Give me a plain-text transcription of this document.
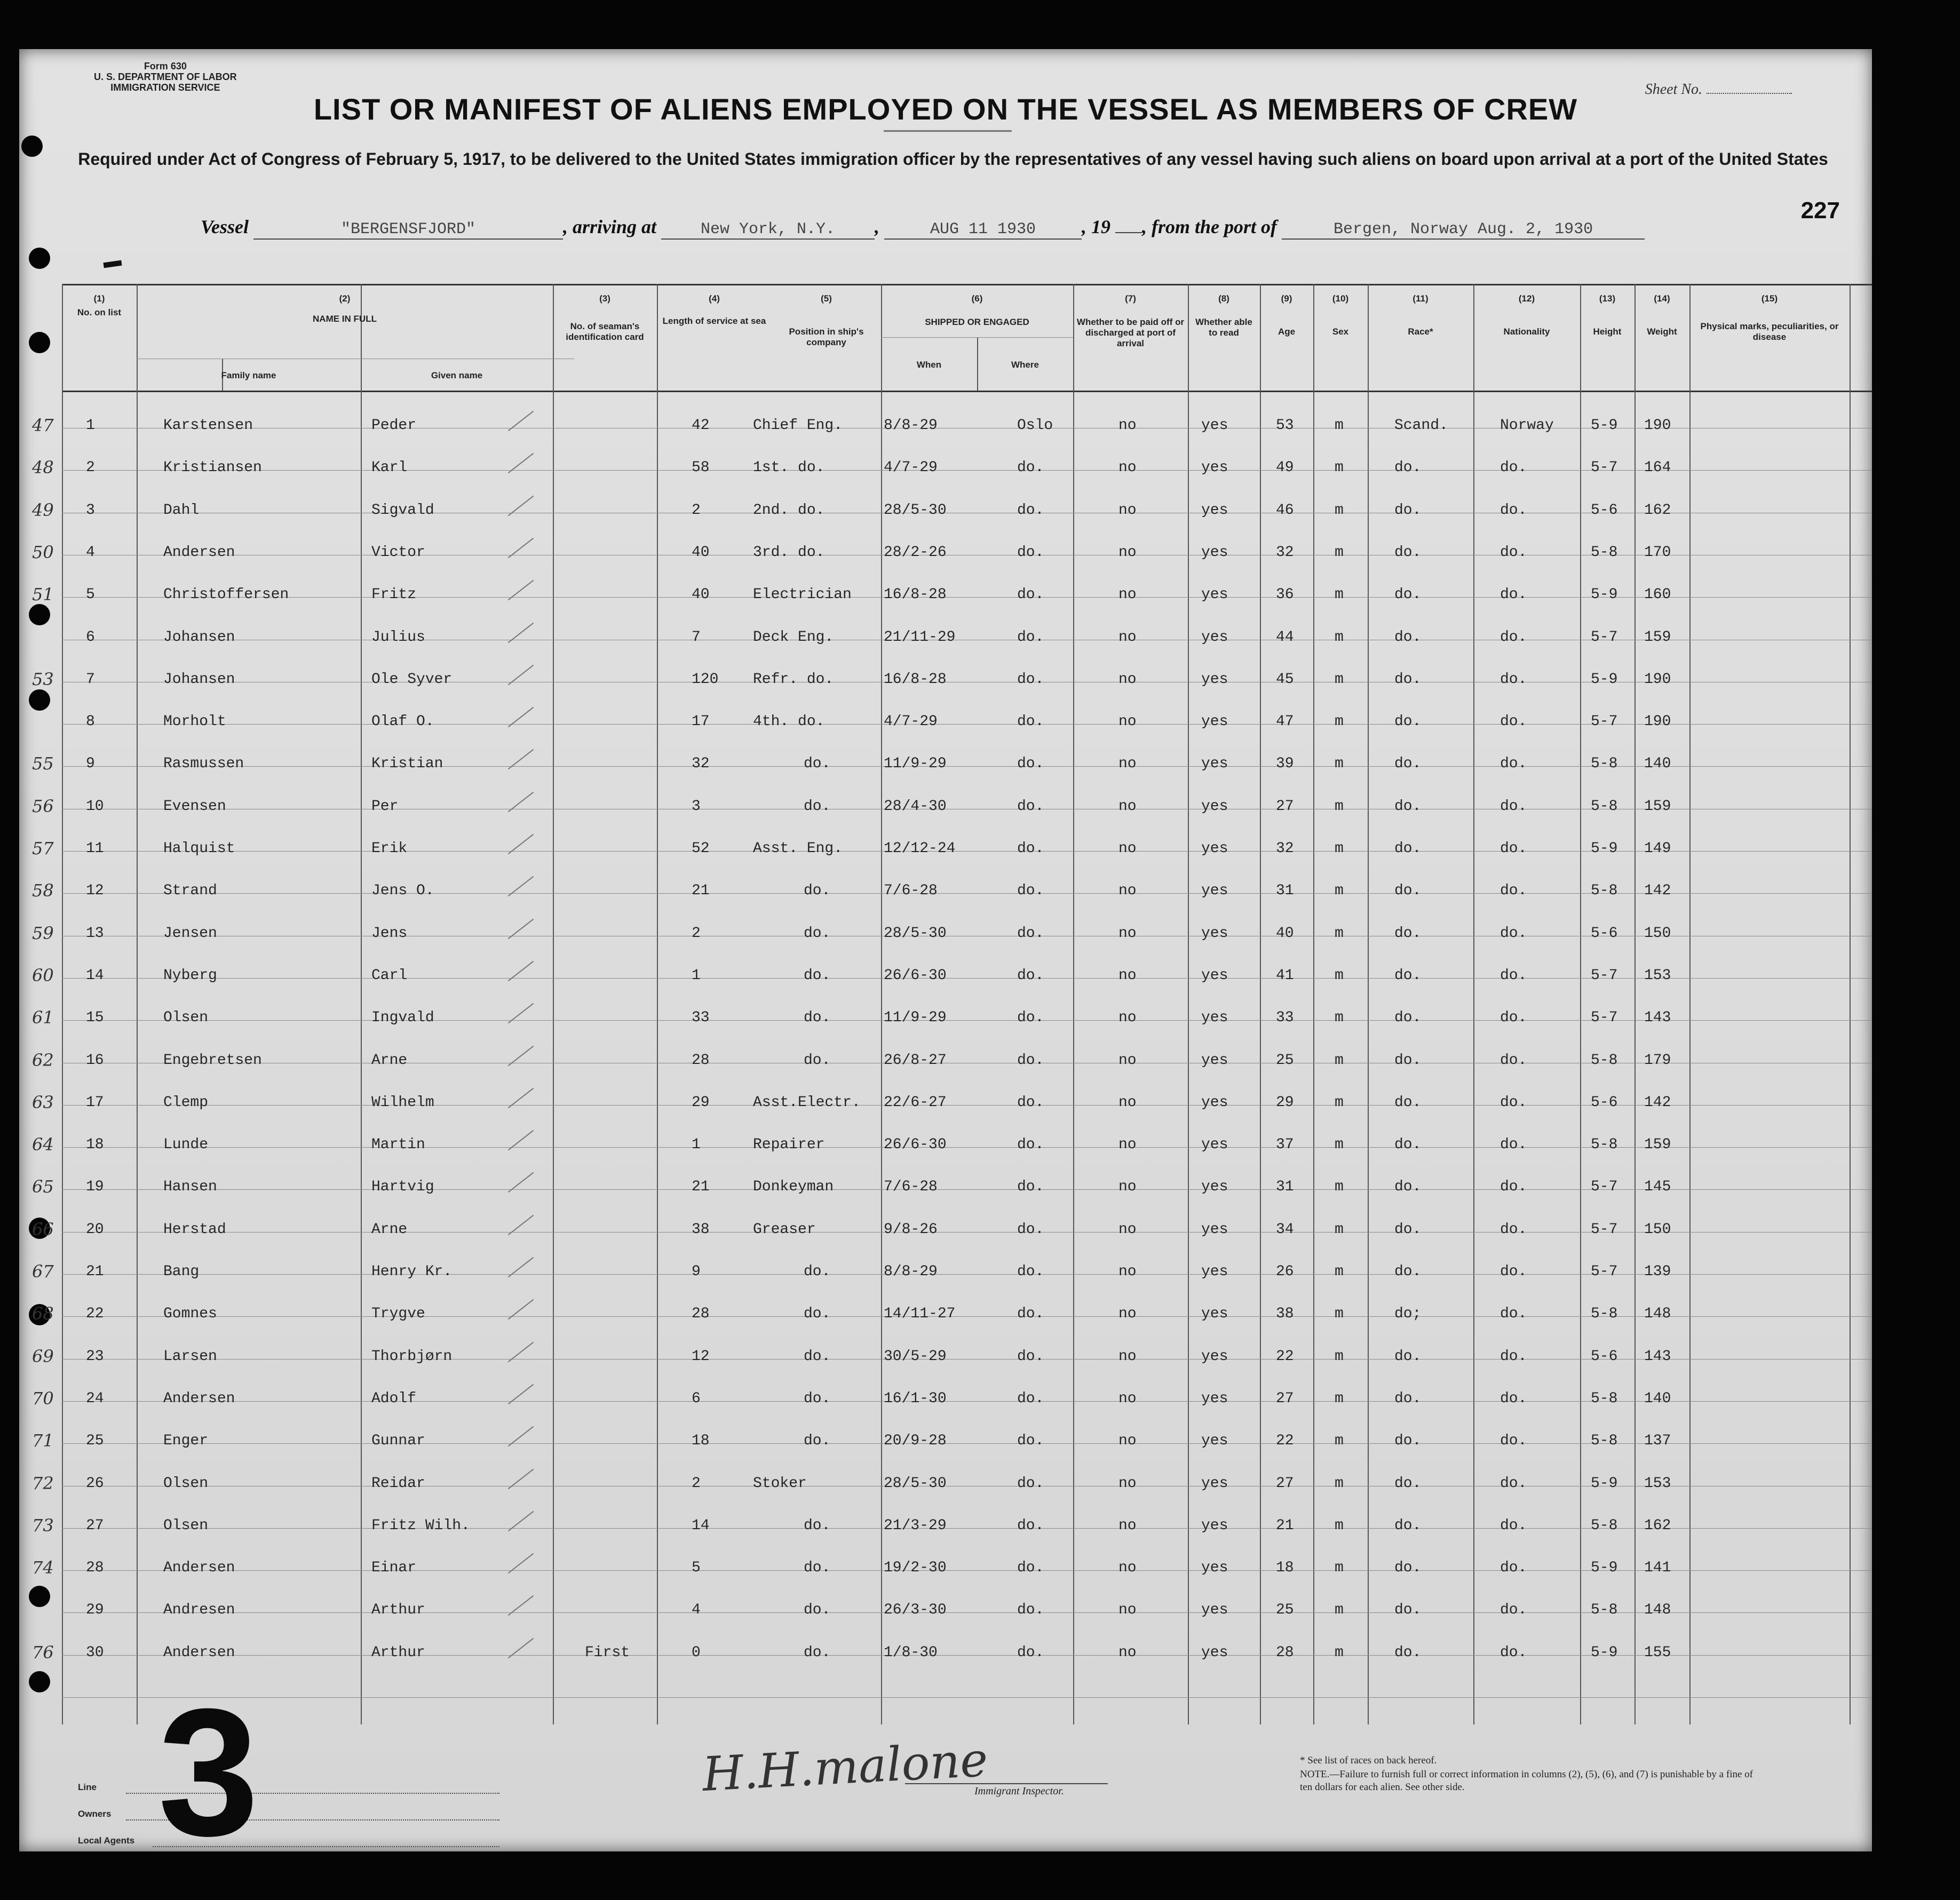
Form 630
U. S. DEPARTMENT OF LABOR
IMMIGRATION SERVICE	Sheet No.
LIST OR MANIFEST OF ALIENS EMPLOYED ON THE VESSEL AS MEMBERS OF CREW
Required under Act of Congress of February 5, 1917, to be delivered to the United States immigration officer by the representatives of any vessel having such aliens on board upon arrival at a port of the United States
227
Vessel	"BERGENSFJORD"	, arriving at	New York, N.Y. ,	AUG 11 1930 , 19 , from the port of	Bergen, Norway Aug. 2, 1930
(1)
No. on list
(2)
NAME IN FULL
(3)
No. of seaman's identification card
(4)
Length of service at sea
(5)
Position in ship's company
(6)
SHIPPED OR ENGAGED
(7)
Whether to be paid off or discharged at port of arrival
(8)
Whether able to read
(9)
Age
(10)
Sex
(11)
Race*
(12)
Nationality
(13)
Height
(14)
Weight
(15)
Physical marks, peculiarities, or disease
Family name	Given name
When	Where
47 1	Karstensen	Peder	42	Chief Eng.	8/8-29	Oslo	no	yes	53	m	Scand.	Norway 5-9 190
48 2	Kristiansen	Karl	58	1st. do.	4/7-29	do.	no	yes	49	m	do.	do.	5-7 164
49 3	Dahl	Sigvald	2	2nd. do.	28/5-30	do.	no	yes	46	m	do.	do.	5-6 162
50 4	Andersen	Victor	40	3rd. do.	28/2-26	do.	no	yes	32	m	do.	do.	5-8 170
51 5	Christoffersen	Fritz	40	Electrician 16/8-28	do.	no	yes	36	m	do.	do.	5-9 160
6	Johansen	Julius	7	Deck Eng.	21/11-29	do.	no	yes	44	m	do.	do.	5-7 159
53 7	Johansen	Ole Syver	120 Refr. do.	16/8-28	do.	no	yes	45	m	do.	do.	5-9 190
8	Morholt	Olaf O.	17	4th. do.	4/7-29	do.	no	yes	47	m	do.	do.	5-7 190
55 9	Rasmussen	Kristian	32	do.	11/9-29	do.	no	yes	39	m	do.	do.	5-8 140
56 10	Evensen	Per	3	do.	28/4-30	do.	no	yes	27	m	do.	do.	5-8 159
57 11	Halquist	Erik	52	Asst. Eng.	12/12-24	do.	no	yes	32	m	do.	do.	5-9 149
58 12	Strand	Jens O.	21	do.	7/6-28	do.	no	yes	31	m	do.	do.	5-8 142
59 13	Jensen	Jens	2	do.	28/5-30	do.	no	yes	40	m	do.	do.	5-6 150
60 14	Nyberg	Carl	1	do.	26/6-30	do.	no	yes	41	m	do.	do.	5-7 153
61 15	Olsen	Ingvald	33	do.	11/9-29	do.	no	yes	33	m	do.	do.	5-7 143
62 16	Engebretsen	Arne	28	do.	26/8-27	do.	no	yes	25	m	do.	do.	5-8 179
63 17	Clemp	Wilhelm	29	Asst.Electr. 22/6-27	do.	no	yes	29	m	do.	do.	5-6 142
64 18	Lunde	Martin	1	Repairer	26/6-30	do.	no	yes	37	m	do.	do.	5-8 159
65 19	Hansen	Hartvig	21	Donkeyman	7/6-28	do.	no	yes	31	m	do.	do.	5-7 145
66 20	Herstad	Arne	38	Greaser	9/8-26	do.	no	yes	34	m	do.	do.	5-7 150
67 21	Bang	Henry Kr.	9	do.	8/8-29	do.	no	yes	26	m	do.	do.	5-7 139
68 22	Gomnes	Trygve	28	do.	14/11-27	do.	no	yes	38	m	do;	do.	5-8 148
69 23	Larsen	Thorbjørn	12	do.	30/5-29	do.	no	yes	22	m	do.	do.	5-6 143
70 24	Andersen	Adolf	6	do.	16/1-30	do.	no	yes	27	m	do.	do.	5-8 140
71 25	Enger	Gunnar	18	do.	20/9-28	do.	no	yes	22	m	do.	do.	5-8 137
72 26	Olsen	Reidar	2	Stoker	28/5-30	do.	no	yes	27	m	do.	do.	5-9 153
73 27	Olsen	Fritz Wilh.	14	do.	21/3-29	do.	no	yes	21	m	do.	do.	5-8 162
74 28	Andersen	Einar	5	do.	19/2-30	do.	no	yes	18	m	do.	do.	5-9 141
29	Andresen	Arthur	4	do.	26/3-30	do.	no	yes	25	m	do.	do.	5-8 148
76 30	Andersen	Arthur	First	0	do.	1/8-30	do.	no	yes	28	m	do.	do.	5-9 155
Line
Owners
Local Agents 3	H.H.malone
Immigrant Inspector.
* See list of races on back hereof.
NOTE.—Failure to furnish full or correct information in columns (2), (5), (6), and (7) is punishable by a fine of ten dollars for each alien. See other side.
